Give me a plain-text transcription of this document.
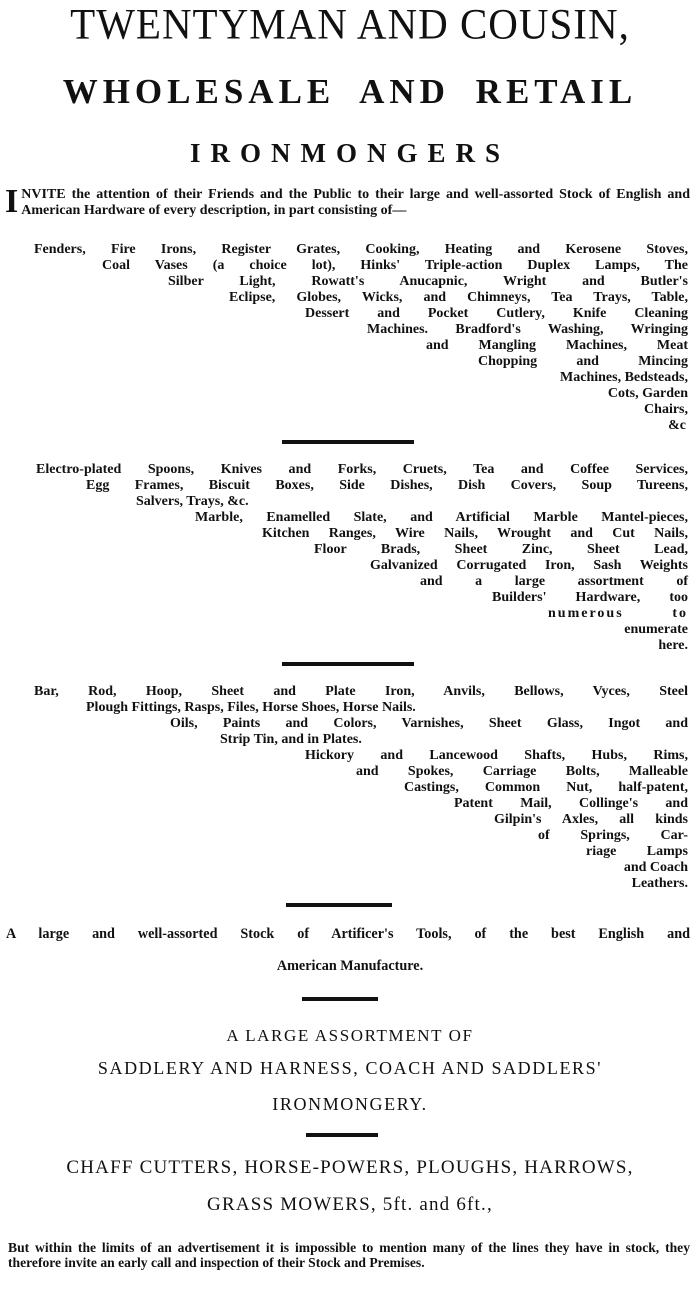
TWENTYMAN AND COUSIN,
WHOLESALE AND RETAIL
IRONMONGERS
INVITE the attention of their Friends and the Public to their large and well-assorted Stock of English and American Hardware of every description, in part consisting of—
Fenders, Fire Irons, Register Grates, Cooking, Heating and Kerosene Stoves,
Coal Vases (a choice lot), Hinks' Triple-action Duplex Lamps, The
Silber Light, Rowatt's Anucapnic, Wright and Butler's
Eclipse, Globes, Wicks, and Chimneys, Tea Trays, Table,
Dessert and Pocket Cutlery, Knife Cleaning
Machines. Bradford's Washing, Wringing
and Mangling Machines, Meat
Chopping and Mincing
Machines, Bedsteads,
Cots, Garden
Chairs,
&c
Electro-plated Spoons, Knives and Forks, Cruets, Tea and Coffee Services,
Egg Frames, Biscuit Boxes, Side Dishes, Dish Covers, Soup Tureens,
Salvers, Trays, &c.
Marble, Enamelled Slate, and Artificial Marble Mantel-pieces,
Kitchen Ranges, Wire Nails, Wrought and Cut Nails,
Floor Brads, Sheet Zinc, Sheet Lead,
Galvanized Corrugated Iron, Sash Weights
and a large assortment of
Builders' Hardware, too
numerous to
enumerate
here.
Bar, Rod, Hoop, Sheet and Plate Iron, Anvils, Bellows, Vyces, Steel
Plough Fittings, Rasps, Files, Horse Shoes, Horse Nails.
Oils, Paints and Colors, Varnishes, Sheet Glass, Ingot and
Strip Tin, and in Plates.
Hickory and Lancewood Shafts, Hubs, Rims,
and Spokes, Carriage Bolts, Malleable
Castings, Common Nut, half-patent,
Patent Mail, Collinge's and
Gilpin's Axles, all kinds
of Springs, Car-
riage Lamps
and Coach
Leathers.
A large and well-assorted Stock of Artificer's Tools, of the best English and
American Manufacture.
A LARGE ASSORTMENT OF
SADDLERY AND HARNESS, COACH AND SADDLERS'
IRONMONGERY.
CHAFF CUTTERS, HORSE-POWERS, PLOUGHS, HARROWS,
GRASS MOWERS, 5ft. and 6ft.,
But within the limits of an advertisement it is impossible to mention many of the lines they have in stock, they therefore invite an early call and inspection of their Stock and Premises.
